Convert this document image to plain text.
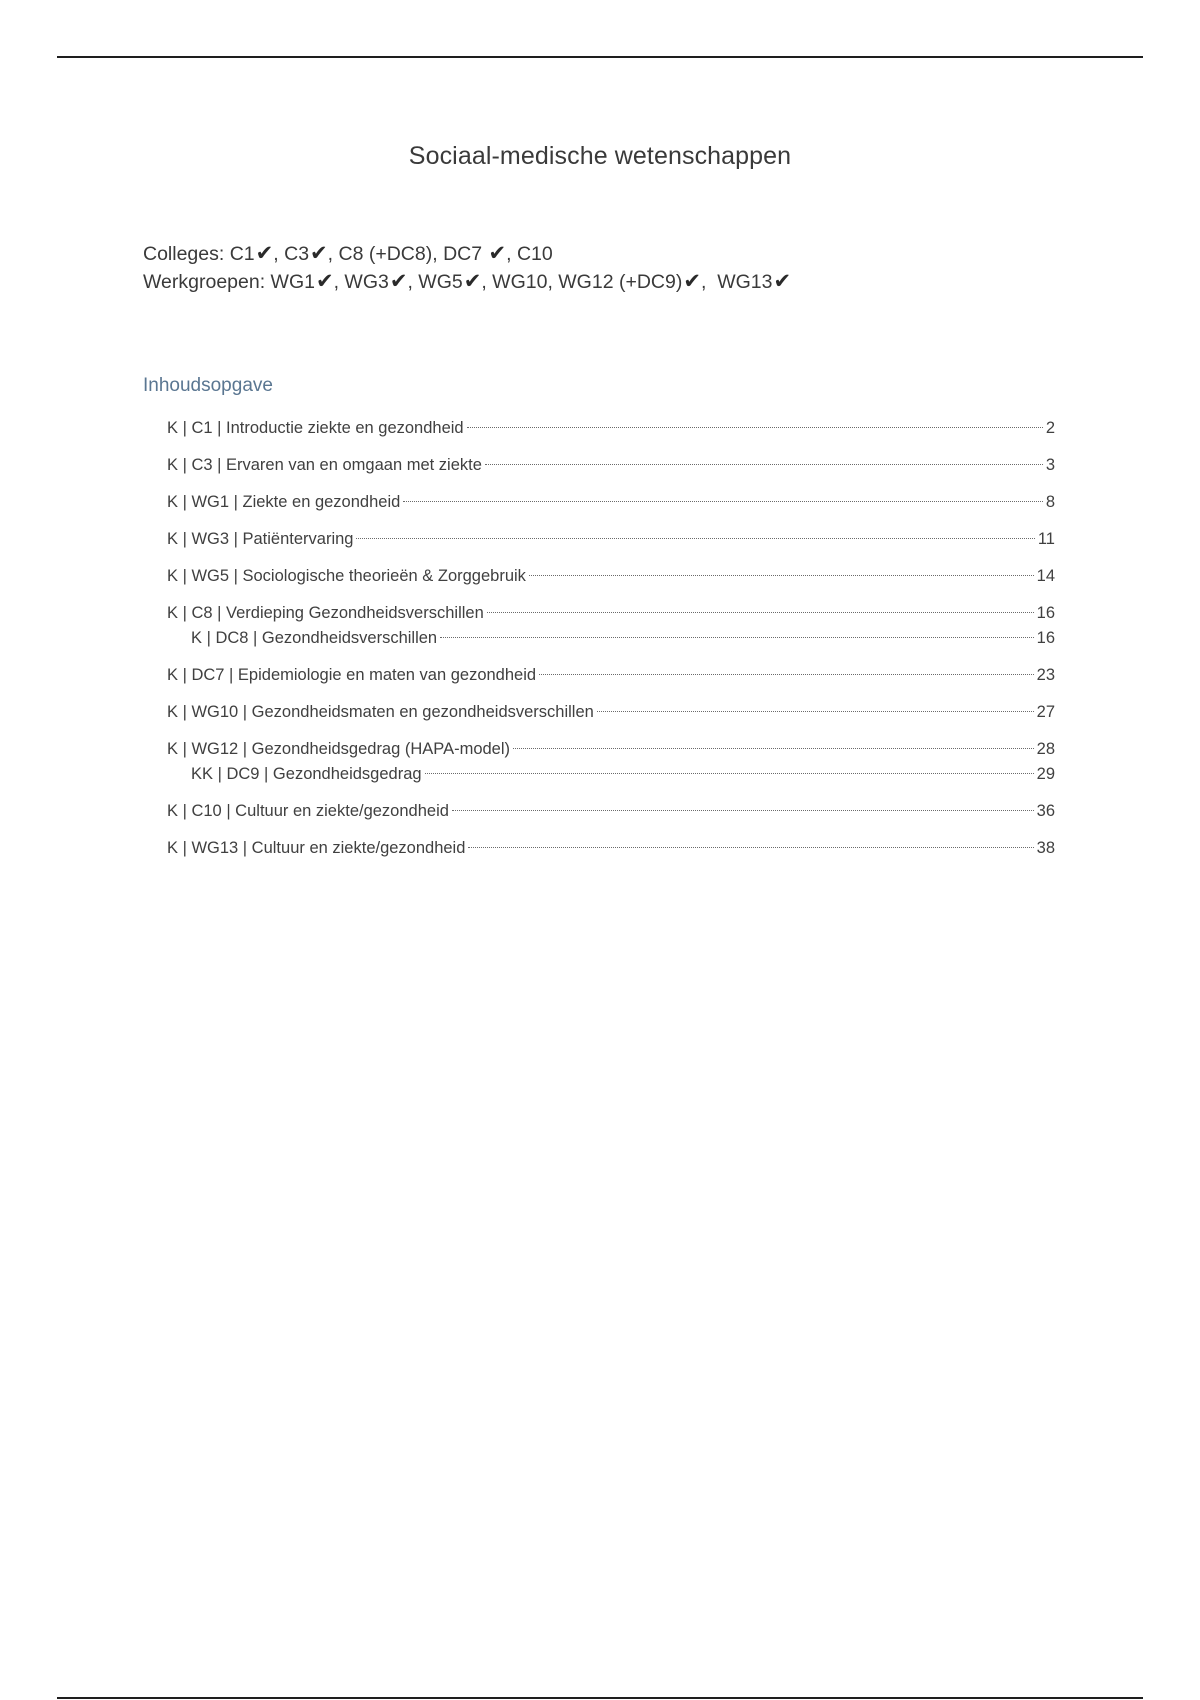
Sociaal-medische wetenschappen
Colleges: C1✔, C3✔, C8 (+DC8), DC7 ✔, C10
Werkgroepen: WG1✔, WG3✔, WG5✔, WG10, WG12 (+DC9)✔,  WG13✔
Inhoudsopgave
K | C1 | Introductie ziekte en gezondheid	2
K | C3 | Ervaren van en omgaan met ziekte	3
K | WG1 | Ziekte en gezondheid	8
K | WG3 | Patiëntervaring	11
K | WG5 | Sociologische theorieën & Zorggebruik	14
K | C8 | Verdieping Gezondheidsverschillen	16
K | DC8 | Gezondheidsverschillen	16
K | DC7 | Epidemiologie en maten van gezondheid	23
K | WG10 | Gezondheidsmaten en gezondheidsverschillen	27
K | WG12 | Gezondheidsgedrag (HAPA-model)	28
KK | DC9 | Gezondheidsgedrag	29
K | C10 | Cultuur en ziekte/gezondheid	36
K | WG13 | Cultuur en ziekte/gezondheid	38
